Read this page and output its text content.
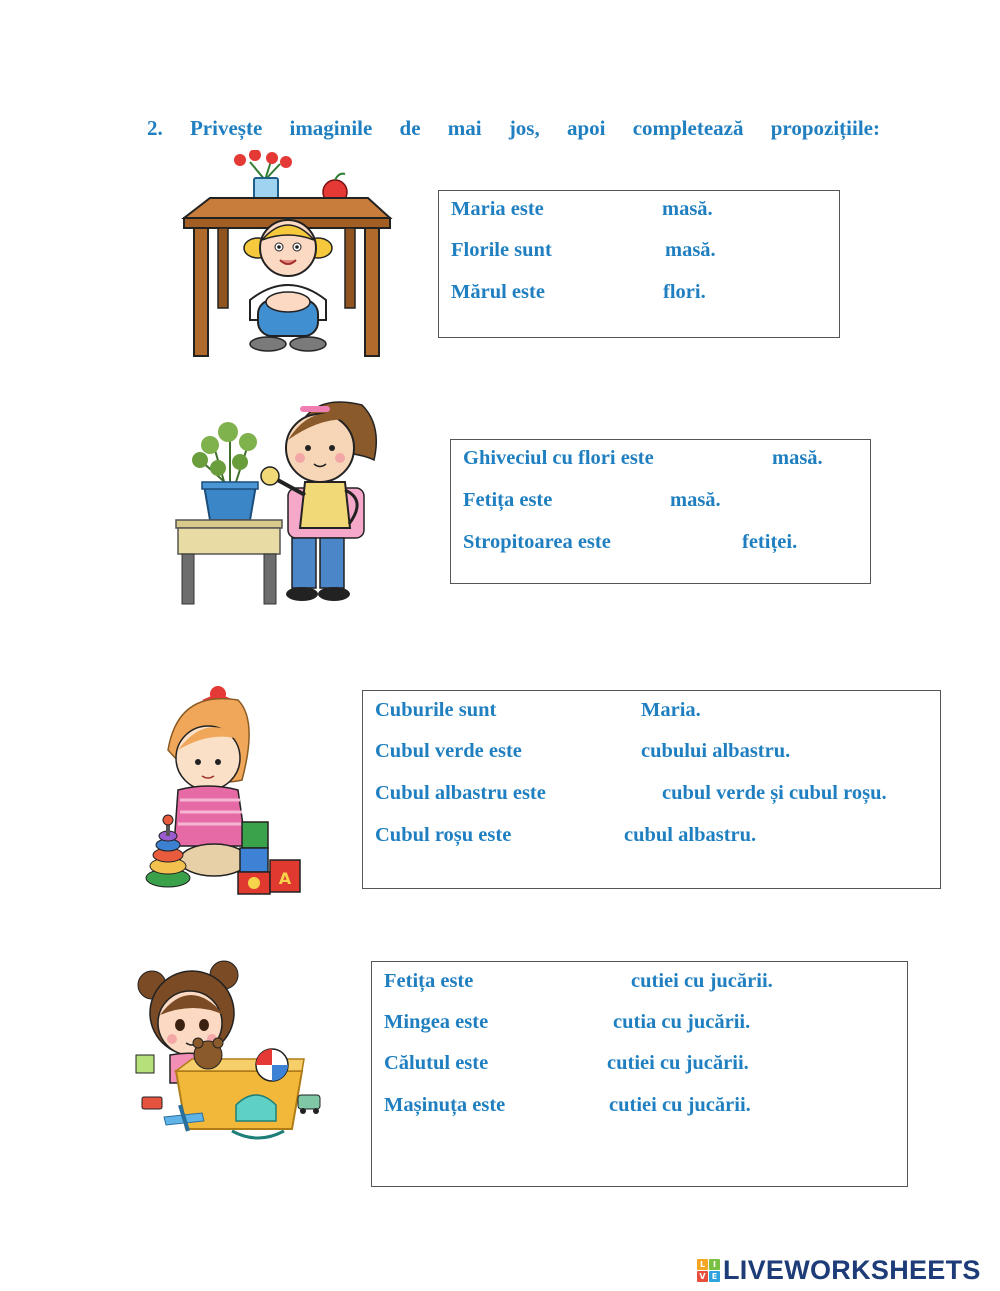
2. Privește imaginile de mai jos, apoi completează propozițiile:
Maria este	masă.
Florile sunt	masă.
Mărul este	flori.
Ghiveciul cu flori este	masă.
Fetița este	masă.
Stropitoarea este	fetiței.
A
Cuburile sunt	Maria.
Cubul verde este	cubului albastru.
Cubul albastru este	cubul verde și cubul roșu.
Cubul roșu este	cubul albastru.
Fetița este	cutiei cu jucării.
Mingea este	cutia cu jucării.
Călutul este	cutiei cu jucării.
Mașinuța este	cutiei cu jucării.
L I
V E LIVEWORKSHEETS
